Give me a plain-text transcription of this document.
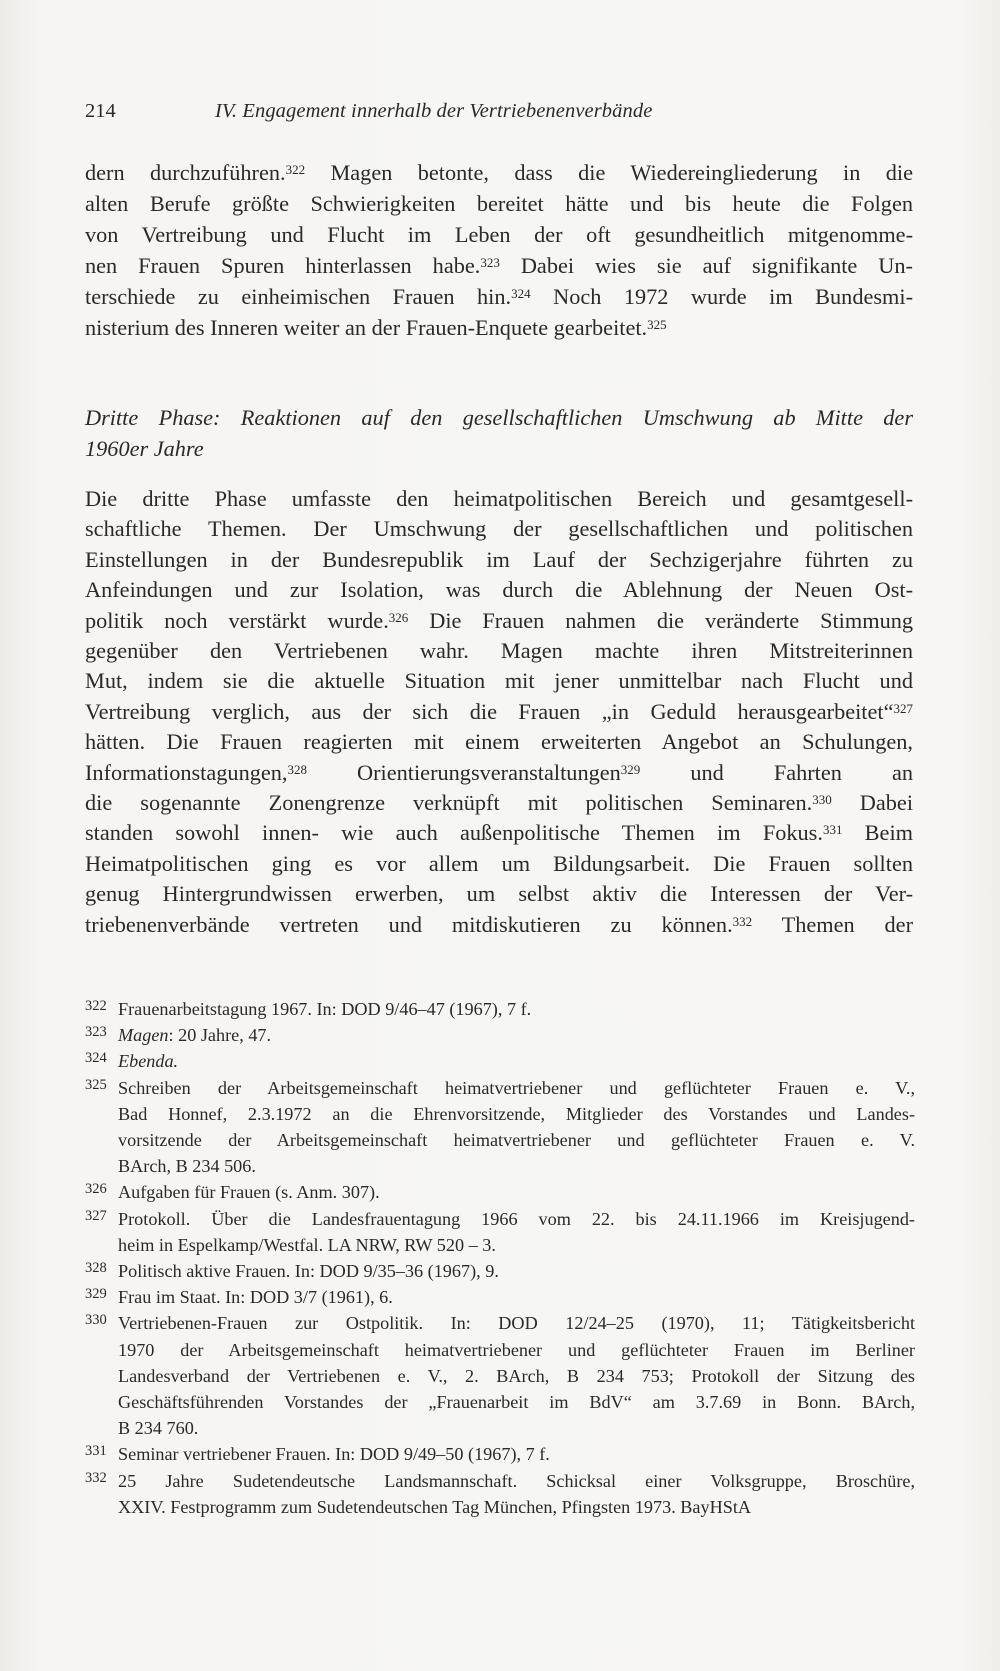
214	IV. Engagement innerhalb der Vertriebenenverbände
dern durchzuführen.$^{322}$ Magen betonte, dass die Wiedereingliederung in die
alten Berufe größte Schwierigkeiten bereitet hätte und bis heute die Folgen
von Vertreibung und Flucht im Leben der oft gesundheitlich mitgenomme-
nen Frauen Spuren hinterlassen habe.$^{323}$ Dabei wies sie auf signifikante Un-
terschiede zu einheimischen Frauen hin.$^{324}$ Noch 1972 wurde im Bundesmi-
nisterium des Inneren weiter an der Frauen-Enquete gearbeitet.$^{325}$
Dritte Phase: Reaktionen auf den gesellschaftlichen Umschwung ab Mitte der
1960er Jahre
Die dritte Phase umfasste den heimatpolitischen Bereich und gesamtgesell-
schaftliche Themen. Der Umschwung der gesellschaftlichen und politischen
Einstellungen in der Bundesrepublik im Lauf der Sechzigerjahre führten zu
Anfeindungen und zur Isolation, was durch die Ablehnung der Neuen Ost-
politik noch verstärkt wurde.$^{326}$ Die Frauen nahmen die veränderte Stimmung
gegenüber den Vertriebenen wahr. Magen machte ihren Mitstreiterinnen
Mut, indem sie die aktuelle Situation mit jener unmittelbar nach Flucht und
Vertreibung verglich, aus der sich die Frauen „in Geduld herausgearbeitet“$^{327}$
hätten. Die Frauen reagierten mit einem erweiterten Angebot an Schulungen,
Informationstagungen,$^{328}$ Orientierungsveranstaltungen$^{329}$ und Fahrten an
die sogenannte Zonengrenze verknüpft mit politischen Seminaren.$^{330}$ Dabei
standen sowohl innen- wie auch außenpolitische Themen im Fokus.$^{331}$ Beim
Heimatpolitischen ging es vor allem um Bildungsarbeit. Die Frauen sollten
genug Hintergrundwissen erwerben, um selbst aktiv die Interessen der Ver-
triebenenverbände vertreten und mitdiskutieren zu können.$^{332}$ Themen der
322 Frauenarbeitstagung 1967. In: DOD 9/46–47 (1967), 7 f.
323 Magen: 20 Jahre, 47.
324 Ebenda.
325 Schreiben der Arbeitsgemeinschaft heimatvertriebener und geflüchteter Frauen e. V.,
Bad Honnef, 2.3.1972 an die Ehrenvorsitzende, Mitglieder des Vorstandes und Landes-
vorsitzende der Arbeitsgemeinschaft heimatvertriebener und geflüchteter Frauen e. V.
BArch, B 234 506.
326 Aufgaben für Frauen (s. Anm. 307).
327 Protokoll. Über die Landesfrauentagung 1966 vom 22. bis 24.11.1966 im Kreisjugend-
heim in Espelkamp/Westfal. LA NRW, RW 520 – 3.
328 Politisch aktive Frauen. In: DOD 9/35–36 (1967), 9.
329 Frau im Staat. In: DOD 3/7 (1961), 6.
330 Vertriebenen-Frauen zur Ostpolitik. In: DOD 12/24–25 (1970), 11; Tätigkeitsbericht
1970 der Arbeitsgemeinschaft heimatvertriebener und geflüchteter Frauen im Berliner
Landesverband der Vertriebenen e. V., 2. BArch, B 234 753; Protokoll der Sitzung des
Geschäftsführenden Vorstandes der „Frauenarbeit im BdV“ am 3.7.69 in Bonn. BArch,
B 234 760.
331 Seminar vertriebener Frauen. In: DOD 9/49–50 (1967), 7 f.
332 25 Jahre Sudetendeutsche Landsmannschaft. Schicksal einer Volksgruppe, Broschüre,
XXIV. Festprogramm zum Sudetendeutschen Tag München, Pfingsten 1973. BayHStA
